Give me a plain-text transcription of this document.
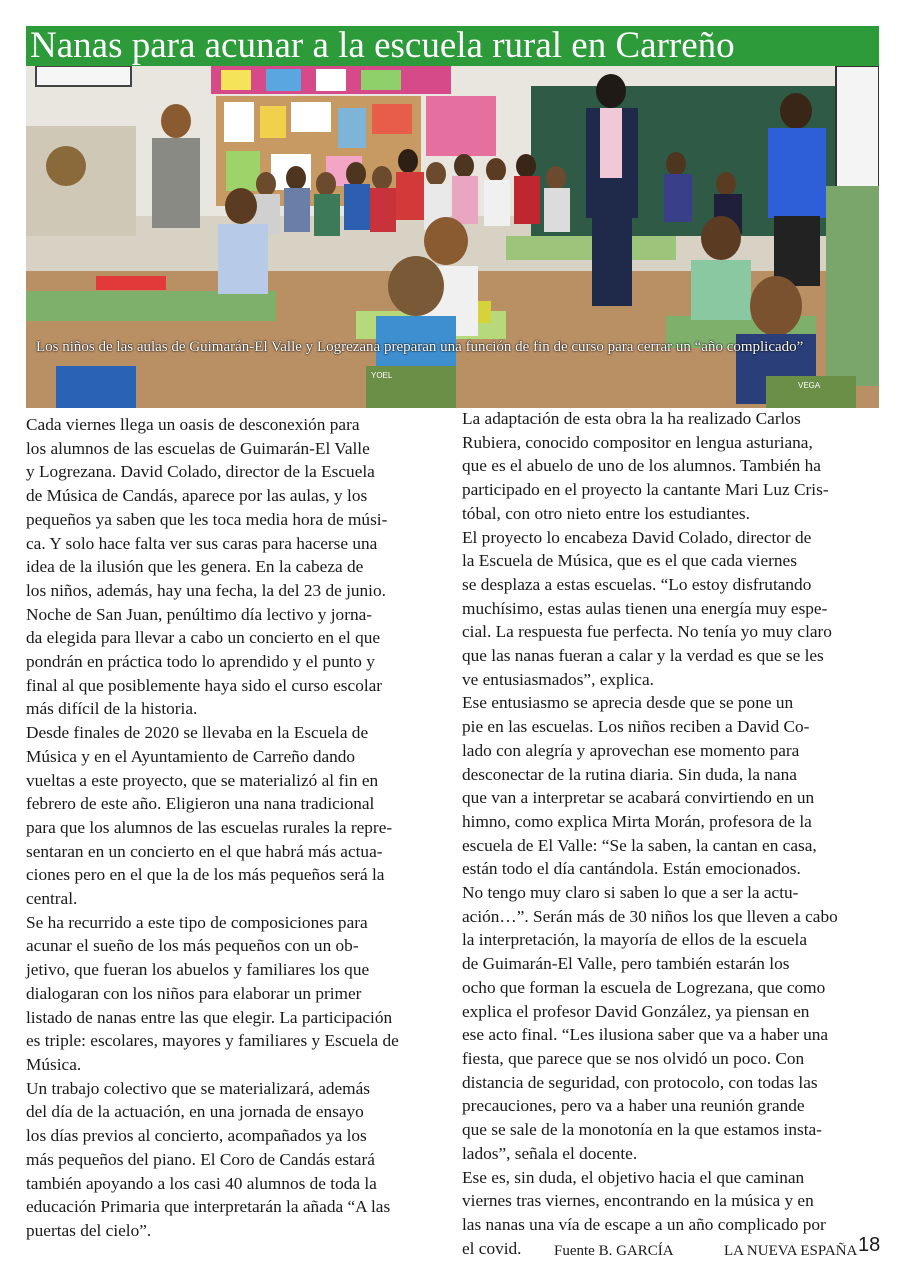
Nanas para acunar a la escuela rural en Carreño
YOEL
VEGA
Los niños de las aulas de Guimarán-El Valle y Logrezana preparan una función de fin de curso para cerrar un “año complicado”

Cada viernes llega un oasis de desconexión para

los alumnos de las escuelas de Guimarán-El Valle

y Logrezana. David Colado, director de la Escuela

de Música de Candás, aparece por las aulas, y los

pequeños ya saben que les toca media hora de músi-

ca. Y solo hace falta ver sus caras para hacerse una

idea de la ilusión que les genera. En la cabeza de

los niños, además, hay una fecha, la del 23 de junio.

Noche de San Juan, penúltimo día lectivo y jorna-

da elegida para llevar a cabo un concierto en el que

pondrán en práctica todo lo aprendido y el punto y

final al que posiblemente haya sido el curso escolar

más difícil de la historia.

Desde finales de 2020 se llevaba en la Escuela de

Música y en el Ayuntamiento de Carreño dando

vueltas a este proyecto, que se materializó al fin en

febrero de este año. Eligieron una nana tradicional

para que los alumnos de las escuelas rurales la repre-

sentaran en un concierto en el que habrá más actua-

ciones pero en el que la de los más pequeños será la

central.

Se ha recurrido a este tipo de composiciones para

acunar el sueño de los más pequeños con un ob-

jetivo, que fueran los abuelos y familiares los que

dialogaran con los niños para elaborar un primer

listado de nanas entre las que elegir. La participación

es triple: escolares, mayores y familiares y Escuela de

Música.

Un trabajo colectivo que se materializará, además

del día de la actuación, en una jornada de ensayo

los días previos al concierto, acompañados ya los

más pequeños del piano. El Coro de Candás estará

también apoyando a los casi 40 alumnos de toda la

educación Primaria que interpretarán la añada “A las

puertas del cielo”.

La adaptación de esta obra la ha realizado Carlos

Rubiera, conocido compositor en lengua asturiana,

que es el abuelo de uno de los alumnos. También ha

participado en el proyecto la cantante Mari Luz Cris-

tóbal, con otro nieto entre los estudiantes.

El proyecto lo encabeza David Colado, director de

la Escuela de Música, que es el que cada viernes

se desplaza a estas escuelas. “Lo estoy disfrutando

muchísimo, estas aulas tienen una energía muy espe-

cial. La respuesta fue perfecta. No tenía yo muy claro

que las nanas fueran a calar y la verdad es que se les

ve entusiasmados”, explica.

Ese entusiasmo se aprecia desde que se pone un

pie en las escuelas. Los niños reciben a David Co-

lado con alegría y aprovechan ese momento para

desconectar de la rutina diaria. Sin duda, la nana

que van a interpretar se acabará convirtiendo en un

himno, como explica Mirta Morán, profesora de la

escuela de El Valle: “Se la saben, la cantan en casa,

están todo el día cantándola. Están emocionados.

No tengo muy claro si saben lo que a ser la actu-

ación…”. Serán más de 30 niños los que lleven a cabo

la interpretación, la mayoría de ellos de la escuela

de Guimarán-El Valle, pero también estarán los

ocho que forman la escuela de Logrezana, que como

explica el profesor David González, ya piensan en

ese acto final. “Les ilusiona saber que va a haber una

fiesta, que parece que se nos olvidó un poco. Con

distancia de seguridad, con protocolo, con todas las

precauciones, pero va a haber una reunión grande

que se sale de la monotonía en la que estamos insta-

lados”, señala el docente.

Ese es, sin duda, el objetivo hacia el que caminan

viernes tras viernes, encontrando en la música y en

las nanas una vía de escape a un año complicado por

el covid.	Fuente B. GARCÍA	LA NUEVA ESPAÑA 18
